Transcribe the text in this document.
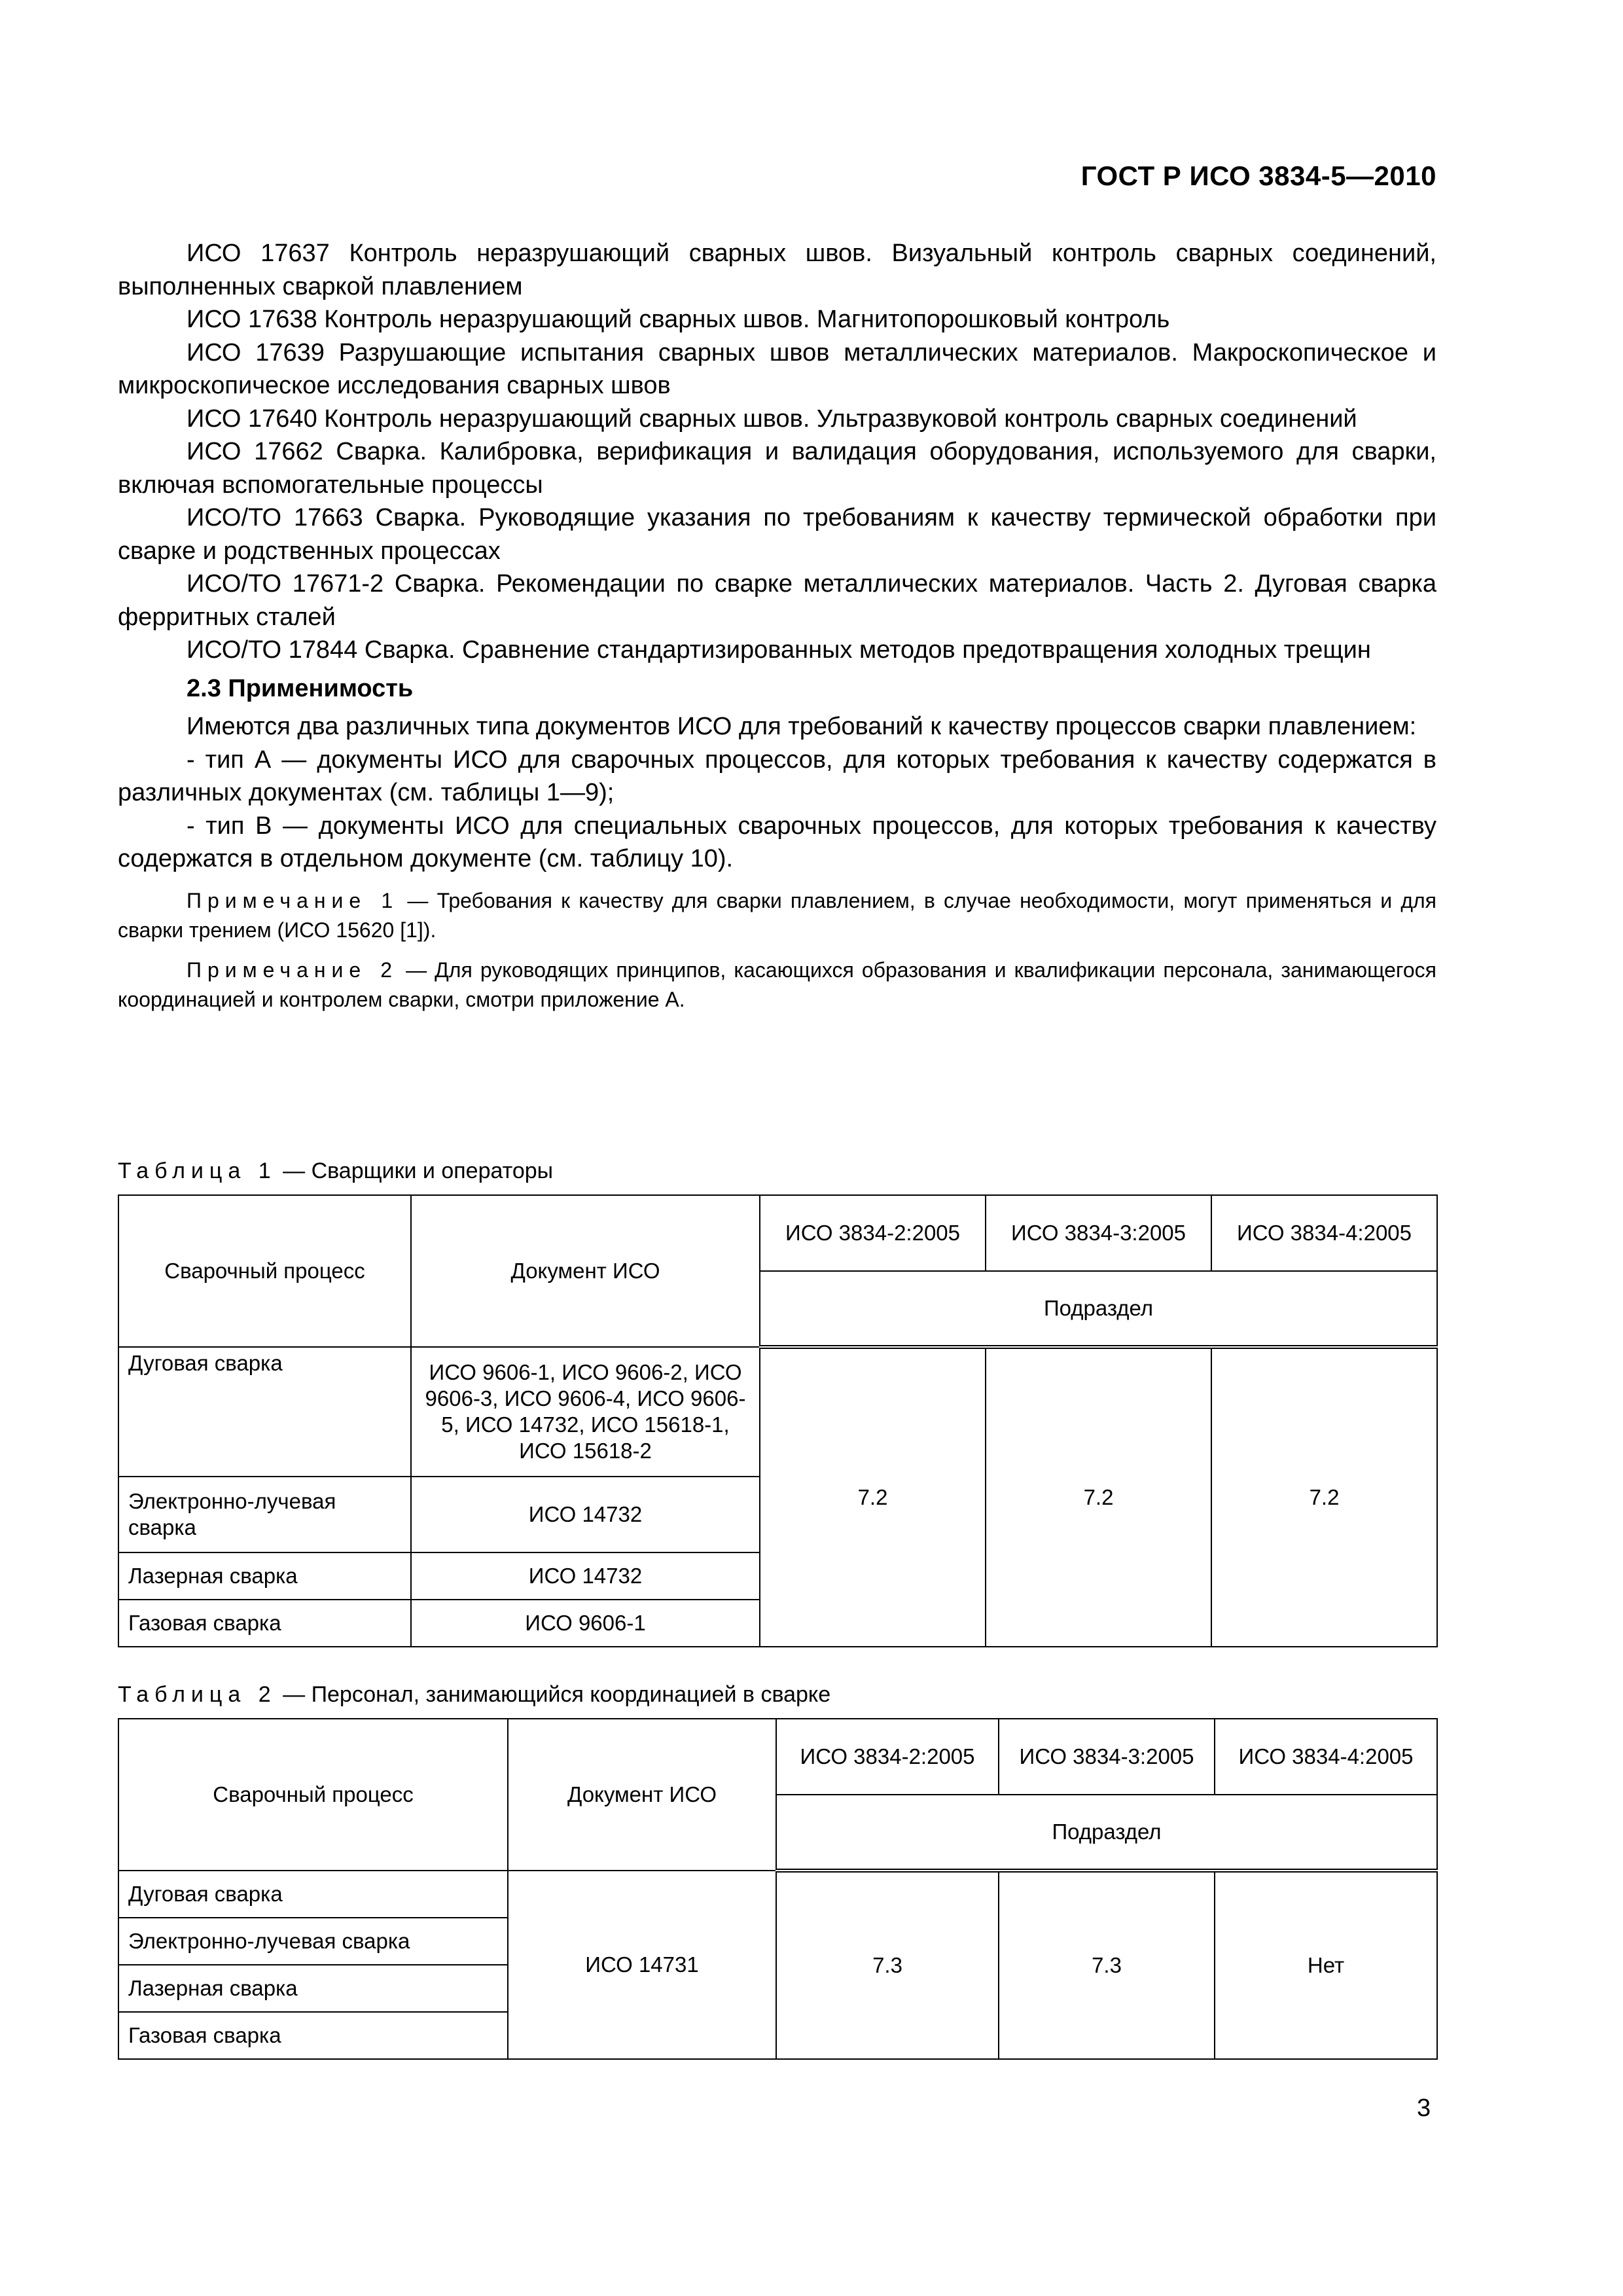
ГОСТ Р ИСО 3834-5—2010

ИСО 17637 Контроль неразрушающий сварных швов. Визуальный контроль сварных соединений, выполненных сваркой плавлением

ИСО 17638 Контроль неразрушающий сварных швов. Магнитопорошковый контроль

ИСО 17639 Разрушающие испытания сварных швов металлических материалов. Макроскопическое и микроскопическое исследования сварных швов

ИСО 17640 Контроль неразрушающий сварных швов. Ультразвуковой контроль сварных соединений

ИСО 17662 Сварка. Калибровка, верификация и валидация оборудования, используемого для сварки, включая вспомогательные процессы

ИСО/ТО 17663 Сварка. Руководящие указания по требованиям к качеству термической обработки при сварке и родственных процессах

ИСО/ТО 17671-2 Сварка. Рекомендации по сварке металлических материалов. Часть 2. Дуговая сварка ферритных сталей

ИСО/ТО 17844 Сварка. Сравнение стандартизированных методов предотвращения холодных трещин

2.3 Применимость

Имеются два различных типа документов ИСО для требований к качеству процессов сварки плавлением:

- тип А — документы ИСО для сварочных процессов, для которых требования к качеству содержатся в различных документах (см. таблицы 1—9);

- тип В — документы ИСО для специальных сварочных процессов, для которых требования к качеству содержатся в отдельном документе (см. таблицу 10).

Примечание 1 — Требования к качеству для сварки плавлением, в случае необходимости, могут применяться и для сварки трением (ИСО 15620 [1]).

Примечание 2 — Для руководящих принципов, касающихся образования и квалификации персонала, занимающегося координацией и контролем сварки, смотри приложение А.

Таблица 1 — Сварщики и операторы
Сварочный процесс	Документ ИСО	ИСО 3834-2:2005	ИСО 3834-3:2005	ИСО 3834-4:2005
		Подраздел		
Дуговая сварка	ИСО 9606-1, ИСО 9606-2, ИСО 9606-3, ИСО 9606-4, ИСО 9606-5, ИСО 14732, ИСО 15618-1, ИСО 15618-2	7.2	7.2	7.2
Электронно-лучевая сварка	ИСО 14732			
Лазерная сварка	ИСО 14732			
Газовая сварка	ИСО 9606-1			
Таблица 2 — Персонал, занимающийся координацией в сварке
Сварочный процесс	Документ ИСО	ИСО 3834-2:2005	ИСО 3834-3:2005	ИСО 3834-4:2005
		Подраздел		
Дуговая сварка	ИСО 14731	7.3	7.3	Нет
Электронно-лучевая сварка				
Лазерная сварка				
Газовая сварка				
3
